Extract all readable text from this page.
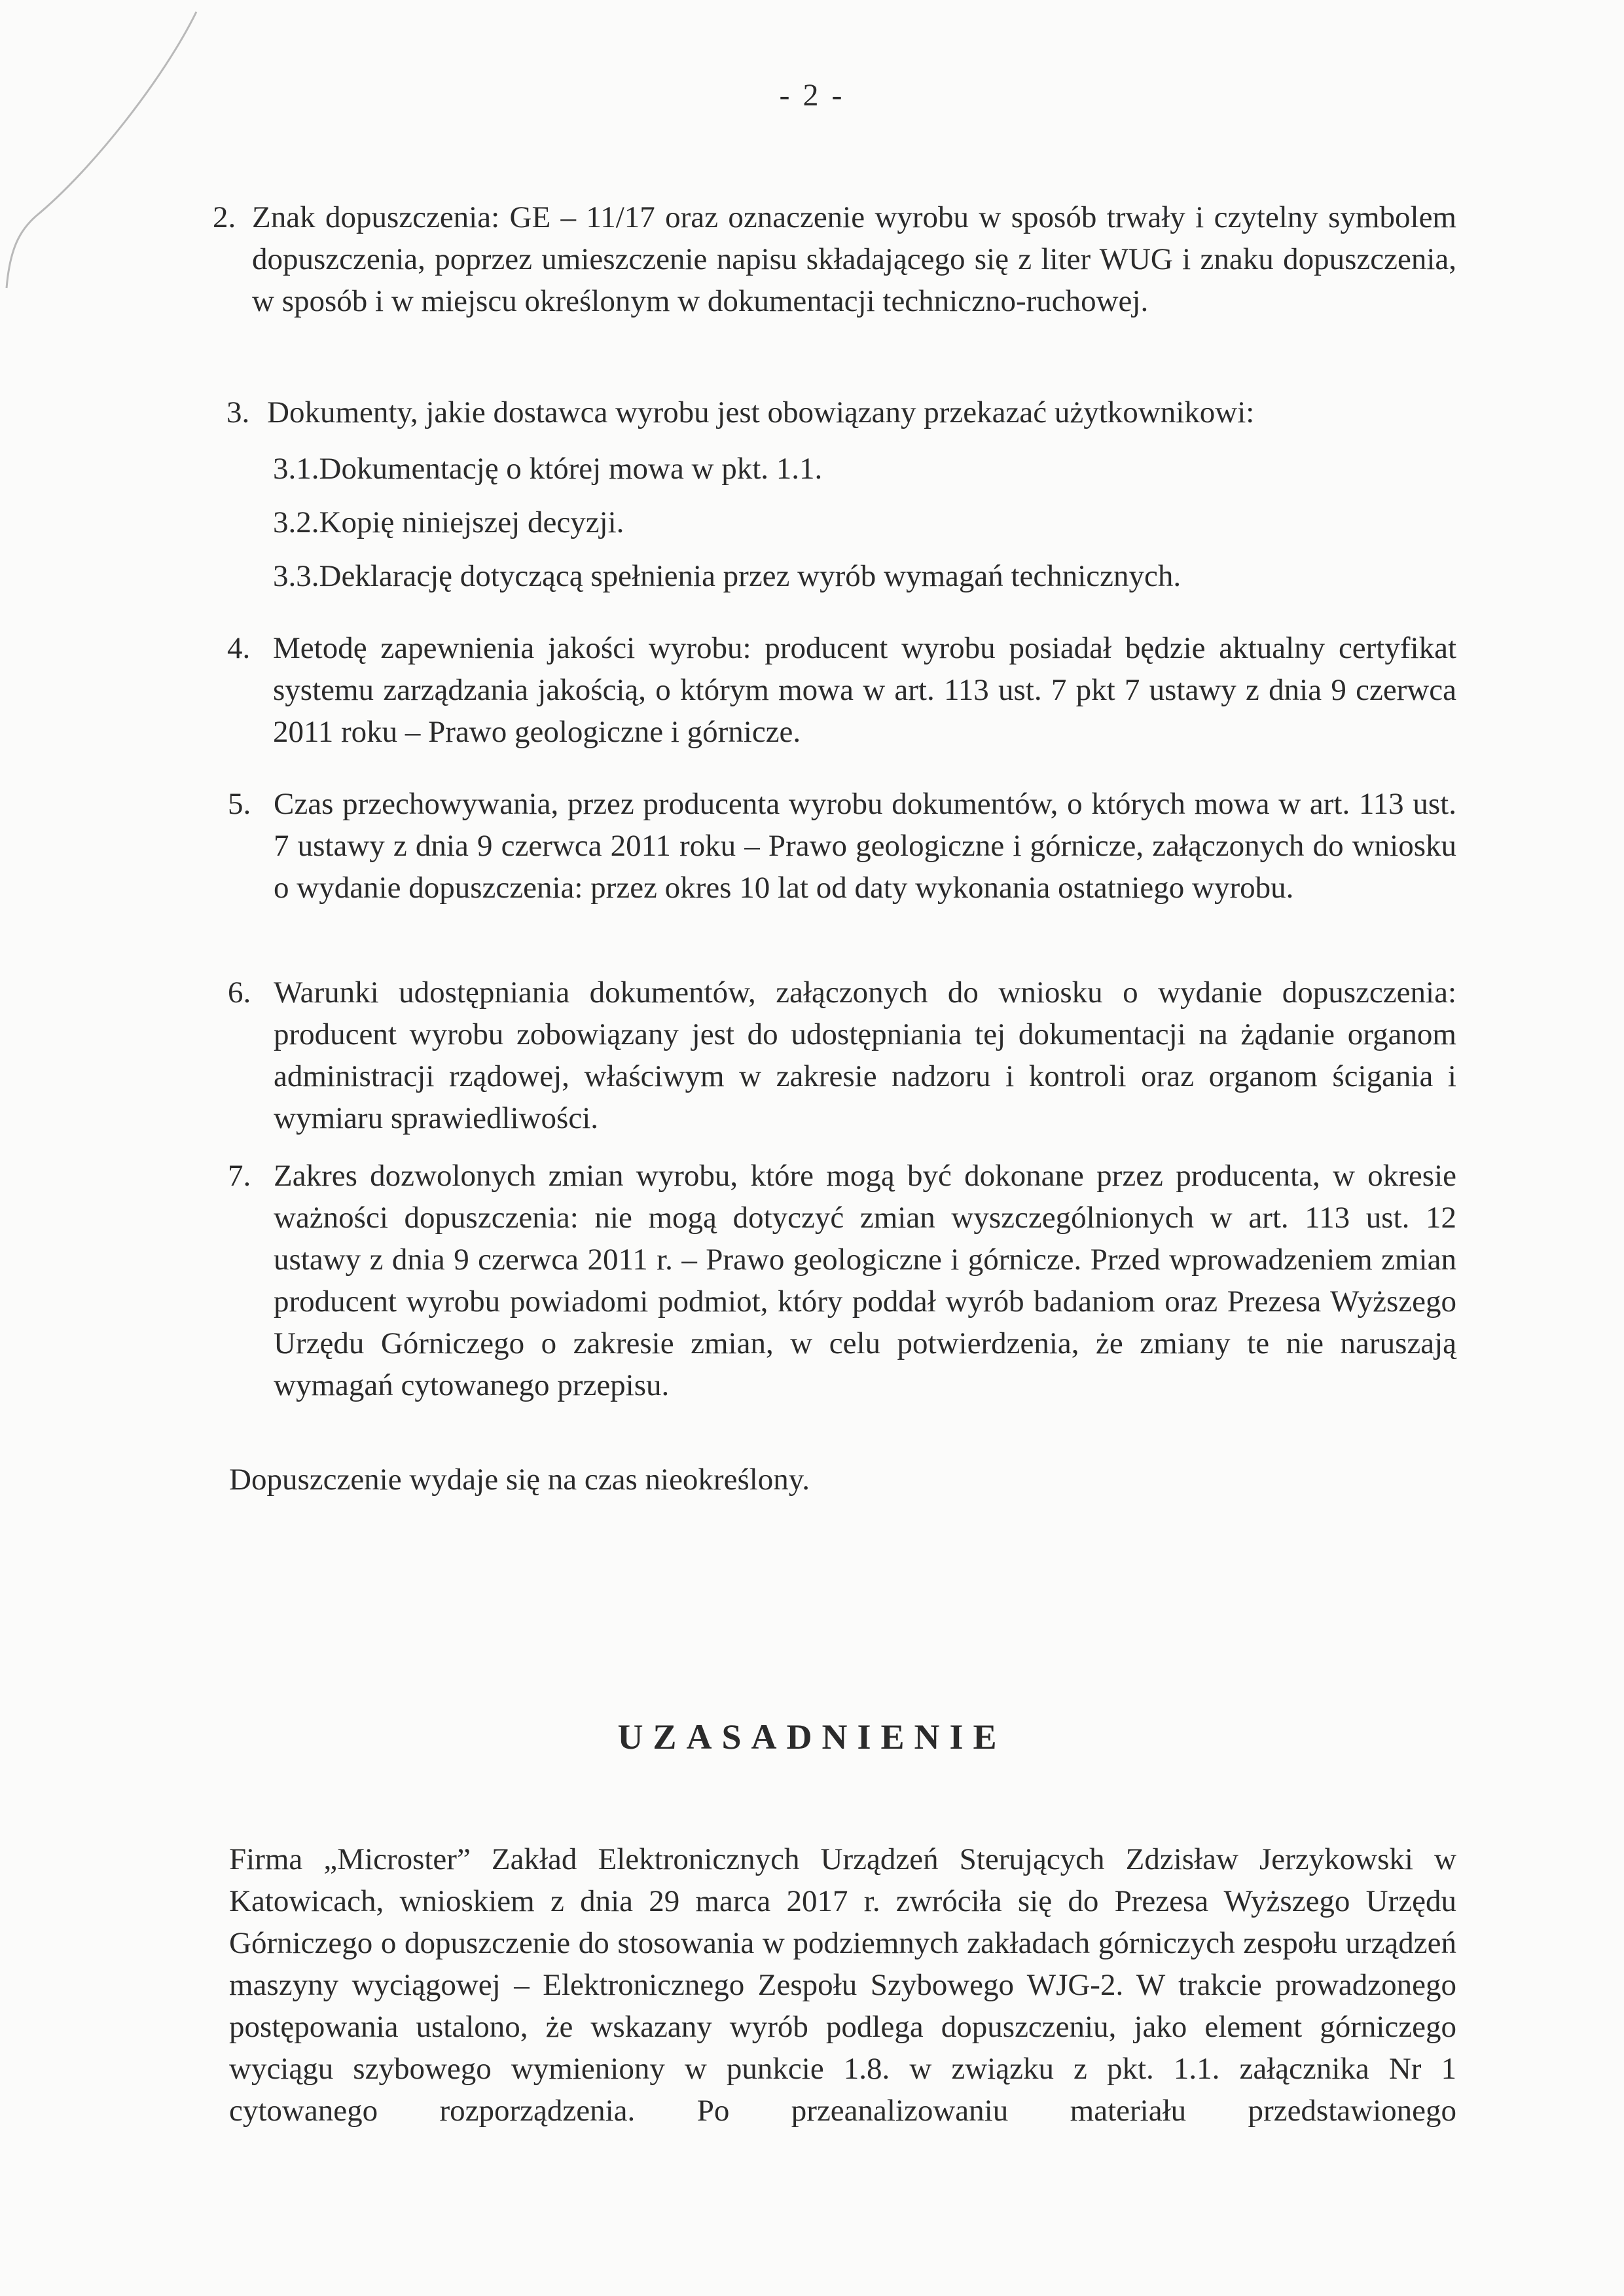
- 2 -
2. Znak dopuszczenia: GE – 11/17 oraz oznaczenie wyrobu w sposób trwały i czytelny symbolem dopuszczenia, poprzez umieszczenie napisu składającego się z liter WUG i znaku dopuszczenia, w sposób i w miejscu określonym w dokumentacji techniczno-ruchowej.
3. Dokumenty, jakie dostawca wyrobu jest obowiązany przekazać użytkownikowi:
3.1.Dokumentację o której mowa w pkt. 1.1.
3.2.Kopię niniejszej decyzji.
3.3.Deklarację dotyczącą spełnienia przez wyrób wymagań technicznych.
4. Metodę zapewnienia jakości wyrobu: producent wyrobu posiadał będzie aktualny certyfikat systemu zarządzania jakością, o którym mowa w art. 113 ust. 7 pkt 7 ustawy z dnia 9 czerwca 2011 roku – Prawo geologiczne i górnicze.
5. Czas przechowywania, przez producenta wyrobu dokumentów, o których mowa w art. 113 ust. 7 ustawy z dnia 9 czerwca 2011 roku – Prawo geologiczne i górnicze, załączonych do wniosku o wydanie dopuszczenia: przez okres 10 lat od daty wykonania ostatniego wyrobu.
6. Warunki udostępniania dokumentów, załączonych do wniosku o wydanie dopuszczenia: producent wyrobu zobowiązany jest do udostępniania tej dokumentacji na żądanie organom administracji rządowej, właściwym w zakresie nadzoru i kontroli oraz organom ścigania i wymiaru sprawiedliwości.
7. Zakres dozwolonych zmian wyrobu, które mogą być dokonane przez producenta, w okresie ważności dopuszczenia: nie mogą dotyczyć zmian wyszczególnionych w art. 113 ust. 12 ustawy z dnia 9 czerwca 2011 r. – Prawo geologiczne i górnicze. Przed wprowadzeniem zmian producent wyrobu powiadomi podmiot, który poddał wyrób badaniom oraz Prezesa Wyższego Urzędu Górniczego o zakresie zmian, w celu potwierdzenia, że zmiany te nie naruszają wymagań cytowanego przepisu.
Dopuszczenie wydaje się na czas nieokreślony.
UZASADNIENIE
Firma „Microster” Zakład Elektronicznych Urządzeń Sterujących Zdzisław Jerzykowski w Katowicach, wnioskiem z dnia 29 marca 2017 r. zwróciła się do Prezesa Wyższego Urzędu Górniczego o dopuszczenie do stosowania w podziemnych zakładach górniczych zespołu urządzeń maszyny wyciągowej – Elektronicznego Zespołu Szybowego WJG-2. W trakcie prowadzonego postępowania ustalono, że wskazany wyrób podlega dopuszczeniu, jako element górniczego wyciągu szybowego wymieniony w punkcie 1.8. w związku z pkt. 1.1. załącznika Nr 1 cytowanego rozporządzenia. Po przeanalizowaniu materiału przedstawionego
